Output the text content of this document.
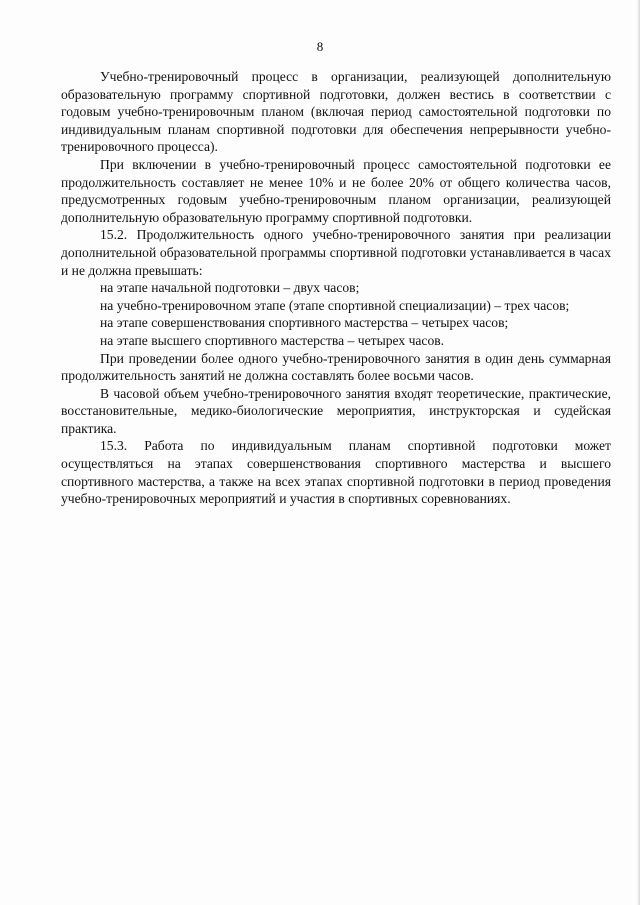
8

Учебно-тренировочный процесс в организации, реализующей дополнительную образовательную программу спортивной подготовки, должен вестись в соответствии с годовым учебно-тренировочным планом (включая период самостоятельной подготовки по индивидуальным планам спортивной подготовки для обеспечения непрерывности учебно-тренировочного процесса).

При включении в учебно-тренировочный процесс самостоятельной подготовки ее продолжительность составляет не менее 10% и не более 20% от общего количества часов, предусмотренных годовым учебно-тренировочным планом организации, реализующей дополнительную образовательную программу спортивной подготовки.

15.2. Продолжительность одного учебно-тренировочного занятия при реализации дополнительной образовательной программы спортивной подготовки устанавливается в часах и не должна превышать:

на этапе начальной подготовки – двух часов;

на учебно-тренировочном этапе (этапе спортивной специализации) – трех часов;

на этапе совершенствования спортивного мастерства – четырех часов;

на этапе высшего спортивного мастерства – четырех часов.

При проведении более одного учебно-тренировочного занятия в один день суммарная продолжительность занятий не должна составлять более восьми часов.

В часовой объем учебно-тренировочного занятия входят теоретические, практические, восстановительные, медико-биологические мероприятия, инструкторская и судейская практика.

15.3. Работа по индивидуальным планам спортивной подготовки может осуществляться на этапах совершенствования спортивного мастерства и высшего спортивного мастерства, а также на всех этапах спортивной подготовки в период проведения учебно-тренировочных мероприятий и участия в спортивных соревнованиях.
